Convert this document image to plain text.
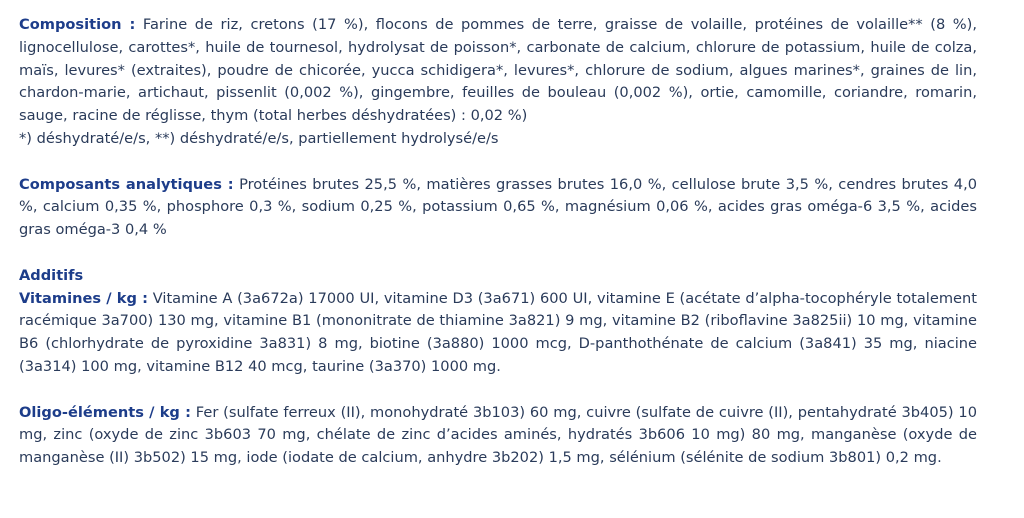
Composition : Farine de riz, cretons (17 %), flocons de pommes de terre, graisse de volaille, protéines de volaille** (8 %), lignocellulose, carottes*, huile de tournesol, hydrolysat de poisson*, carbonate de calcium, chlorure de potassium, huile de colza, maïs, levures* (extraites), poudre de chicorée, yucca schidigera*, levures*, chlorure de sodium, algues marines*, graines de lin, chardon-marie, artichaut, pissenlit (0,002 %), gingembre, feuilles de bouleau (0,002 %), ortie, camomille, coriandre, romarin, sauge, racine de réglisse, thym (total herbes déshydratées) : 0,02 %)
*) déshydraté/e/s, **) déshydraté/e/s, partiellement hydrolysé/e/s
Composants analytiques : Protéines brutes 25,5 %, matières grasses brutes 16,0 %, cellulose brute 3,5 %, cendres brutes 4,0 %, calcium 0,35 %, phosphore 0,3 %, sodium 0,25 %, potassium 0,65 %, magnésium 0,06 %, acides gras oméga-6 3,5 %, acides gras oméga-3 0,4 %
Additifs
Vitamines / kg : Vitamine A (3a672a) 17000 UI, vitamine D3 (3a671) 600 UI, vitamine E (acétate d’alpha-tocophéryle totalement racémique 3a700) 130 mg, vitamine B1 (mononitrate de thiamine 3a821) 9 mg, vitamine B2 (riboflavine 3a825ii) 10 mg, vitamine B6 (chlorhydrate de pyroxidine 3a831) 8 mg, biotine (3a880) 1000 mcg, D-panthothénate de calcium (3a841) 35 mg, niacine (3a314) 100 mg, vitamine B12 40 mcg, taurine (3a370) 1000 mg.
Oligo-éléments / kg : Fer (sulfate ferreux (II), monohydraté 3b103) 60 mg, cuivre (sulfate de cuivre (II), pentahydraté 3b405) 10 mg, zinc (oxyde de zinc 3b603 70 mg, chélate de zinc d’acides aminés, hydratés 3b606 10 mg) 80 mg, manganèse (oxyde de manganèse (II) 3b502) 15 mg, iode (iodate de calcium, anhydre 3b202) 1,5 mg, sélénium (sélénite de sodium 3b801) 0,2 mg.
